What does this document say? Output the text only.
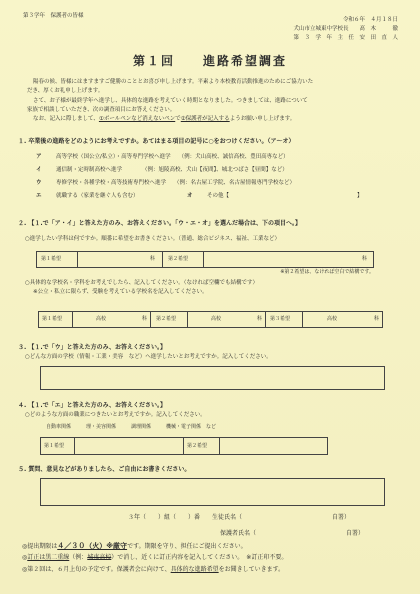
第３学年　保護者の皆様
令和６年　４月１８日
犬山市立城東中学校長　　髙　木　　　徹
第　３　学　年　主　任　安　田　直　人
第１回　　進路希望調査
陽春の候、皆様にはますますご健勝のこととお喜び申し上げます。平素より本校教育活動推進のためにご協力いた
だき、厚くお礼申し上げます。
さて、お子様が最終学年へ進学し、具体的な進路を考えていく時期となりました。つきましては、進路について
家族で相談していただき、次の調査項目にお答えください。
なお、記入に際しまして、①ボールペンなど消えないペンで②保護者が記入するようお願い申し上げます。
１. 卒業後の進路をどのようにお考えですか。あてはまる項目の記号に○をおつけください。（ア～オ）
ア	高等学校（国公立/私立）・高等専門学校へ進学 （例：犬山高校、誠信高校、豊田高専など）
イ	通信制・定時制高校へ進学	（例：旭陵高校、犬山【夜間】、城北つばさ【昼間】など）
ウ	専修学校・各種学校・高等技術専門校へ進学 （例：名古屋工学院、名古屋情報専門学校など）
エ	就職する（家業を継ぐ人も含む）	オ	その他【	】
２. 【１.で「ア・イ」と答えた方のみ、お答えください。「ウ・エ・オ」を選んだ場合は、下の項目へ。】
○進学したい学科は何ですか。順番に希望をお書きください。（普通、総合ビジネス、福祉、工業など）
第１希望	科	第２希望	科
※第２希望は、なければ空白で結構です。
○具体的な学校名・学科をお考えでしたら、記入してください。（なければ空欄でも結構です）
※公立・私立に限らず、受験を考えている学校名を記入してください。
第１希望	高校	科 第２希望	高校	科 第３希望	高校	科
３. 【１.で「ウ」と答えた方のみ、お答えください。】
○どんな方面の学校（情報・工業・美容　など）へ進学したいとお考えですか。記入してください。
４. 【１.で「エ」と答えた方のみ、お答えください。】
○どのような方面の職業につきたいとお考えですか。記入してください。
自動車関係　　　理・美容関係　　　調理関係　　　機械・電子関係　など
第１希望	第２希望
５. 質問、意見などがありましたら、ご自由にお書きください。
３年（　　）組（　　）番　　生徒氏名（　　　　　　　　　　　　　　　自署）
保護者氏名（　　　　　　　　　　　　　　　自署）
◎提出期限は４／３０（火）※厳守です。期限を守り、担任にご提出ください。
◎訂正は黒二重線（例：城東高校）で消し、近くに訂正内容を記入してください。　※訂正印不要。
◎第２回は、６月上旬の予定です。保護者会に向けて、具体的な進路希望をお聞きしていきます。
